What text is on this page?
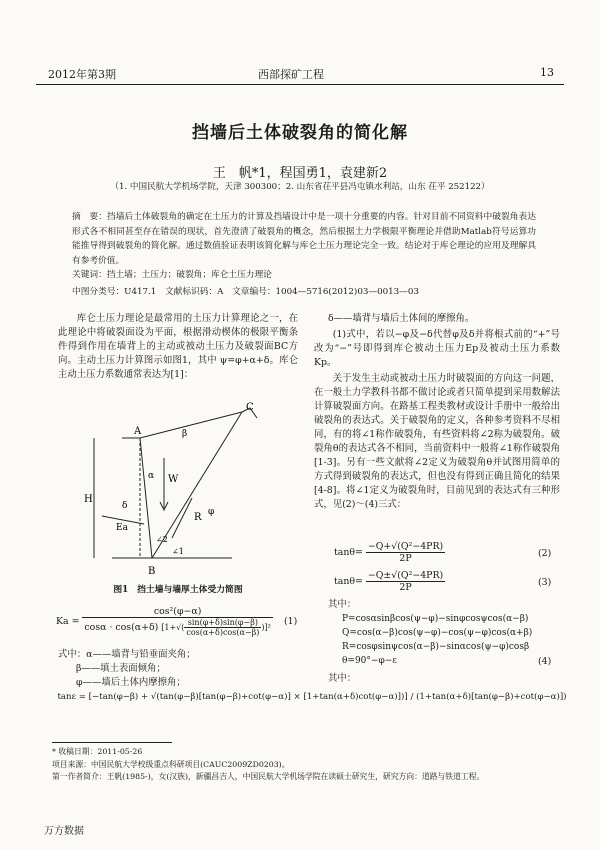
2012年第3期	西部探矿工程	13
挡墙后土体破裂角的简化解
王　帆*1，程国勇1，袁建新2
（1. 中国民航大学机场学院，天津 300300；2. 山东省茌平县冯屯镇水利站，山东 茌平 252122）
摘　要：挡墙后土体破裂角的确定在土压力的计算及挡墙设计中是一项十分重要的内容。针对目前不同资料中破裂角表达形式各不相同甚至存在错误的现状，首先澄清了破裂角的概念，然后根据土力学极限平衡理论并借助Matlab符号运算功能推导得到破裂角的简化解。通过数值验证表明该简化解与库仑土压力理论完全一致。结论对于库仑理论的应用及理解具有参考价值。
关键词：挡土墙；土压力；破裂角；库仑土压力理论
中图分类号：U417.1　文献标识码：A　文章编号：1004—5716(2012)03—0013—03
库仑土压力理论是最常用的土压力计算理论之一，在此理论中将破裂面设为平面，根据滑动楔体的极限平衡条件得到作用在墙背上的主动或被动土压力及破裂面BC方向。主动土压力计算图示如图1，其中 ψ=φ+α+δ。库仑主动土压力系数通常表达为[1]：
A
B
C
H
W
R
Ea
α
β
δ
φ
∠2
∠1
图1　挡土墙与墙厚土体受力简图
Ka =
cos²(φ−α)
cosα · cos(α+δ) $[1+√( \frac{\sin(\varphi+\delta)\sin(\varphi-\beta)}{\cos(\alpha+\delta)\cos(\alpha-\beta)} )]^2$
(1)
式中：α——墙背与铅垂面夹角；
β——填土表面倾角；
φ——墙后土体内摩擦角；
δ——墙背与墙后土体间的摩擦角。
(1)式中，若以−φ及−δ代替φ及δ并将根式前的“+”号改为“−”号即得到库仑被动土压力Ep及被动土压力系数Kp。
关于发生主动或被动土压力时破裂面的方向这一问题，在一般土力学教科书都不做讨论或者只简单提到采用数解法计算破裂面方向。在路基工程类教材或设计手册中一般给出破裂角的表达式。关于破裂角的定义，各种参考资料不尽相同，有的将∠1称作破裂角，有些资料将∠2称为破裂角。破裂角θ的表达式各不相同，当前资料中一般将∠1称作破裂角[1-3]。另有一些文献将∠2定义为破裂角θ并试图用简单的方式得到破裂角的表达式，但也没有得到正确且简化的结果[4-8]。将∠1定义为破裂角时，目前见到的表达式有三种形式，见(2)～(4)三式：
$\tan\theta= \frac{\text{−Q+√(Q²−4PR)}}{2P}$	(2)
$\tan\theta= \frac{\text{−Q±√(Q²−4PR)}}{2P}$	(3)
其中：
P=cosαsinβcos(ψ−φ)−sinφcosψcos(α−β)
Q=cos(α−β)cos(ψ−φ)−cos(ψ−φ)cos(α+β)
R=cosφsinψcos(α−β)−sinαcos(ψ−φ)cosβ
θ=90°−φ−ε	(4)
其中：
tanε = [−tan(φ−β) + √(tan(φ−β)[tan(φ−β)+cot(φ−α)] × [1+tan(α+δ)cot(φ−α)])] / (1+tan(α+δ)[tan(φ−β)+cot(φ−α)])
* 收稿日期：2011-05-26
项目来源：中国民航大学校级重点科研项目(CAUC2009ZD0203)。
第一作者简介：王帆(1985-)，女(汉族)，新疆昌吉人，中国民航大学机场学院在读硕士研究生，研究方向：道路与铁道工程。
万方数据
